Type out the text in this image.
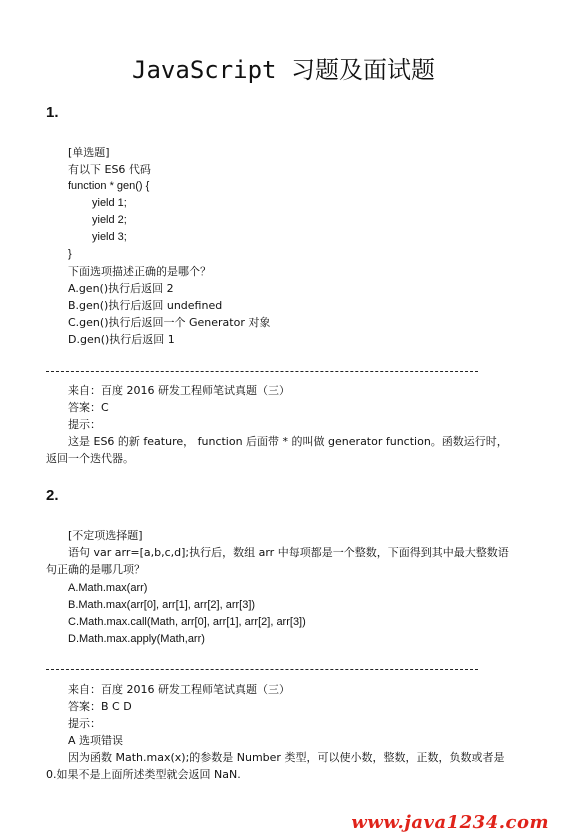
JavaScript 习题及面试题
1.
[单选题]
有以下 ES6 代码
function * gen() {
yield 1;
yield 2;
yield 3;
}
下面选项描述正确的是哪个？
A.gen()执行后返回 2
B.gen()执行后返回 undefined
C.gen()执行后返回一个 Generator 对象
D.gen()执行后返回 1
来自：百度 2016 研发工程师笔试真题（三）
答案：C
提示：
这是 ES6 的新 feature， function 后面带 * 的叫做 generator function。函数运行时，
返回一个迭代器。
2.
[不定项选择题]
语句 var arr=[a,b,c,d];执行后，数组 arr 中每项都是一个整数，下面得到其中最大整数语
句正确的是哪几项？
A.Math.max(arr)
B.Math.max(arr[0], arr[1], arr[2], arr[3])
C.Math.max.call(Math, arr[0], arr[1], arr[2], arr[3])
D.Math.max.apply(Math,arr)
来自：百度 2016 研发工程师笔试真题（三）
答案：B C D
提示：
A 选项错误
因为函数 Math.max(x);的参数是 Number 类型，可以使小数，整数，正数，负数或者是
0.如果不是上面所述类型就会返回 NaN.
www.java1234.com
